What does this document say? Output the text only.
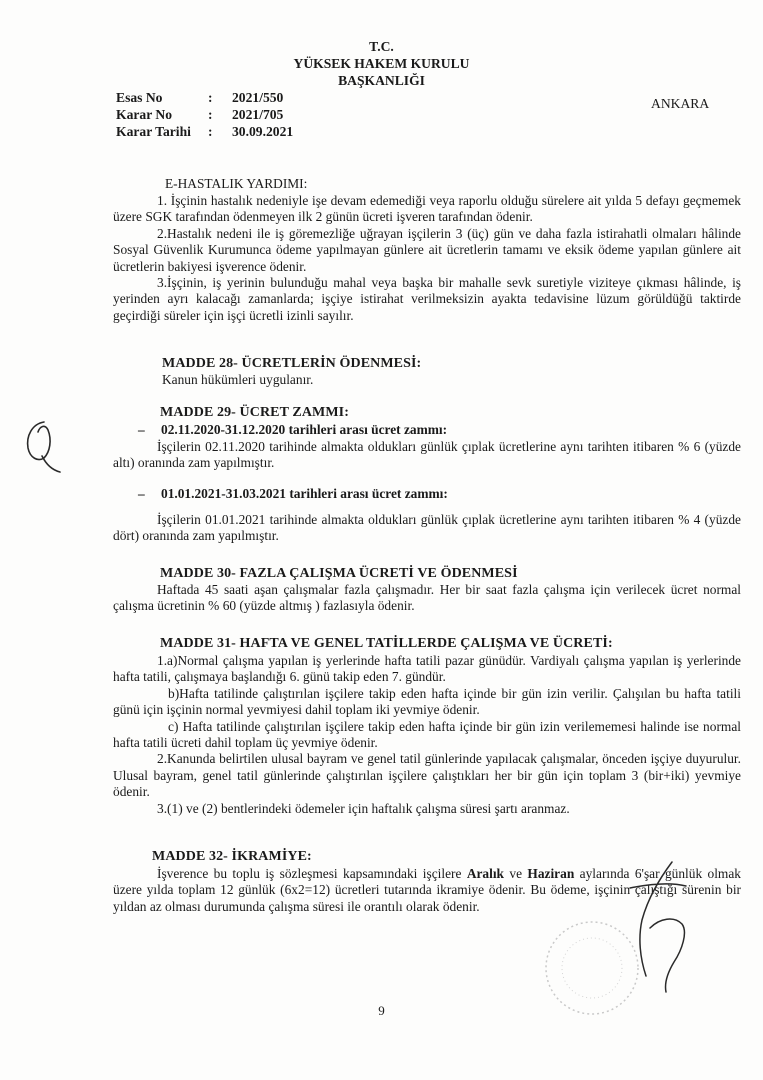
T.C.
YÜKSEK HAKEM KURULU
BAŞKANLIĞI
Esas No	: 2021/550
Karar No	: 2021/705
Karar Tarihi : 30.09.2021
ANKARA
E-HASTALIK YARDIMI:

1. İşçinin hastalık nedeniyle işe devam edemediği veya raporlu olduğu sürelere ait yılda 5 defayı geçmemek üzere SGK tarafından ödenmeyen ilk 2 günün ücreti işveren tarafından ödenir.

2.Hastalık nedeni ile iş göremezliğe uğrayan işçilerin 3 (üç) gün ve daha fazla istirahatli olmaları hâlinde Sosyal Güvenlik Kurumunca ödeme yapılmayan günlere ait ücretlerin tamamı ve eksik ödeme yapılan günlere ait ücretlerin bakiyesi işverence ödenir.

3.İşçinin, iş yerinin bulunduğu mahal veya başka bir mahalle sevk suretiyle viziteye çıkması hâlinde, iş yerinden ayrı kalacağı zamanlarda; işçiye istirahat verilmeksizin ayakta tedavisine lüzum görüldüğü taktirde geçirdiği süreler için işçi ücretli izinli sayılır.

MADDE 28- ÜCRETLERİN ÖDENMESİ:
Kanun hükümleri uygulanır.
MADDE 29- ÜCRET ZAMMI:
– 02.11.2020-31.12.2020 tarihleri arası ücret zammı:

İşçilerin 02.11.2020 tarihinde almakta oldukları günlük çıplak ücretlerine aynı tarihten itibaren % 6 (yüzde altı) oranında zam yapılmıştır.

– 01.01.2021-31.03.2021 tarihleri arası ücret zammı:

İşçilerin 01.01.2021 tarihinde almakta oldukları günlük çıplak ücretlerine aynı tarihten itibaren % 4 (yüzde dört) oranında zam yapılmıştır.

MADDE 30- FAZLA ÇALIŞMA ÜCRETİ VE ÖDENMESİ

Haftada 45 saati aşan çalışmalar fazla çalışmadır. Her bir saat fazla çalışma için verilecek ücret normal çalışma ücretinin % 60 (yüzde altmış ) fazlasıyla ödenir.

MADDE 31- HAFTA VE GENEL TATİLLERDE ÇALIŞMA VE ÜCRETİ:

1.a)Normal çalışma yapılan iş yerlerinde hafta tatili pazar günüdür. Vardiyalı çalışma yapılan iş yerlerinde hafta tatili, çalışmaya başlandığı 6. günü takip eden 7. gündür.

b)Hafta tatilinde çalıştırılan işçilere takip eden hafta içinde bir gün izin verilir. Çalışılan bu hafta tatili günü için işçinin normal yevmiyesi dahil toplam iki yevmiye ödenir.

c) Hafta tatilinde çalıştırılan işçilere takip eden hafta içinde bir gün izin verilememesi halinde ise normal hafta tatili ücreti dahil toplam üç yevmiye ödenir.

2.Kanunda belirtilen ulusal bayram ve genel tatil günlerinde yapılacak çalışmalar, önceden işçiye duyurulur. Ulusal bayram, genel tatil günlerinde çalıştırılan işçilere çalıştıkları her bir gün için toplam 3 (bir+iki) yevmiye ödenir.

3.(1) ve (2) bentlerindeki ödemeler için haftalık çalışma süresi şartı aranmaz.

MADDE 32- İKRAMİYE:

İşverence bu toplu iş sözleşmesi kapsamındaki işçilere Aralık ve Haziran aylarında 6'şar günlük olmak üzere yılda toplam 12 günlük (6x2=12) ücretleri tutarında ikramiye ödenir. Bu ödeme, işçinin çalıştığı sürenin bir yıldan az olması durumunda çalışma süresi ile orantılı olarak ödenir.

9
